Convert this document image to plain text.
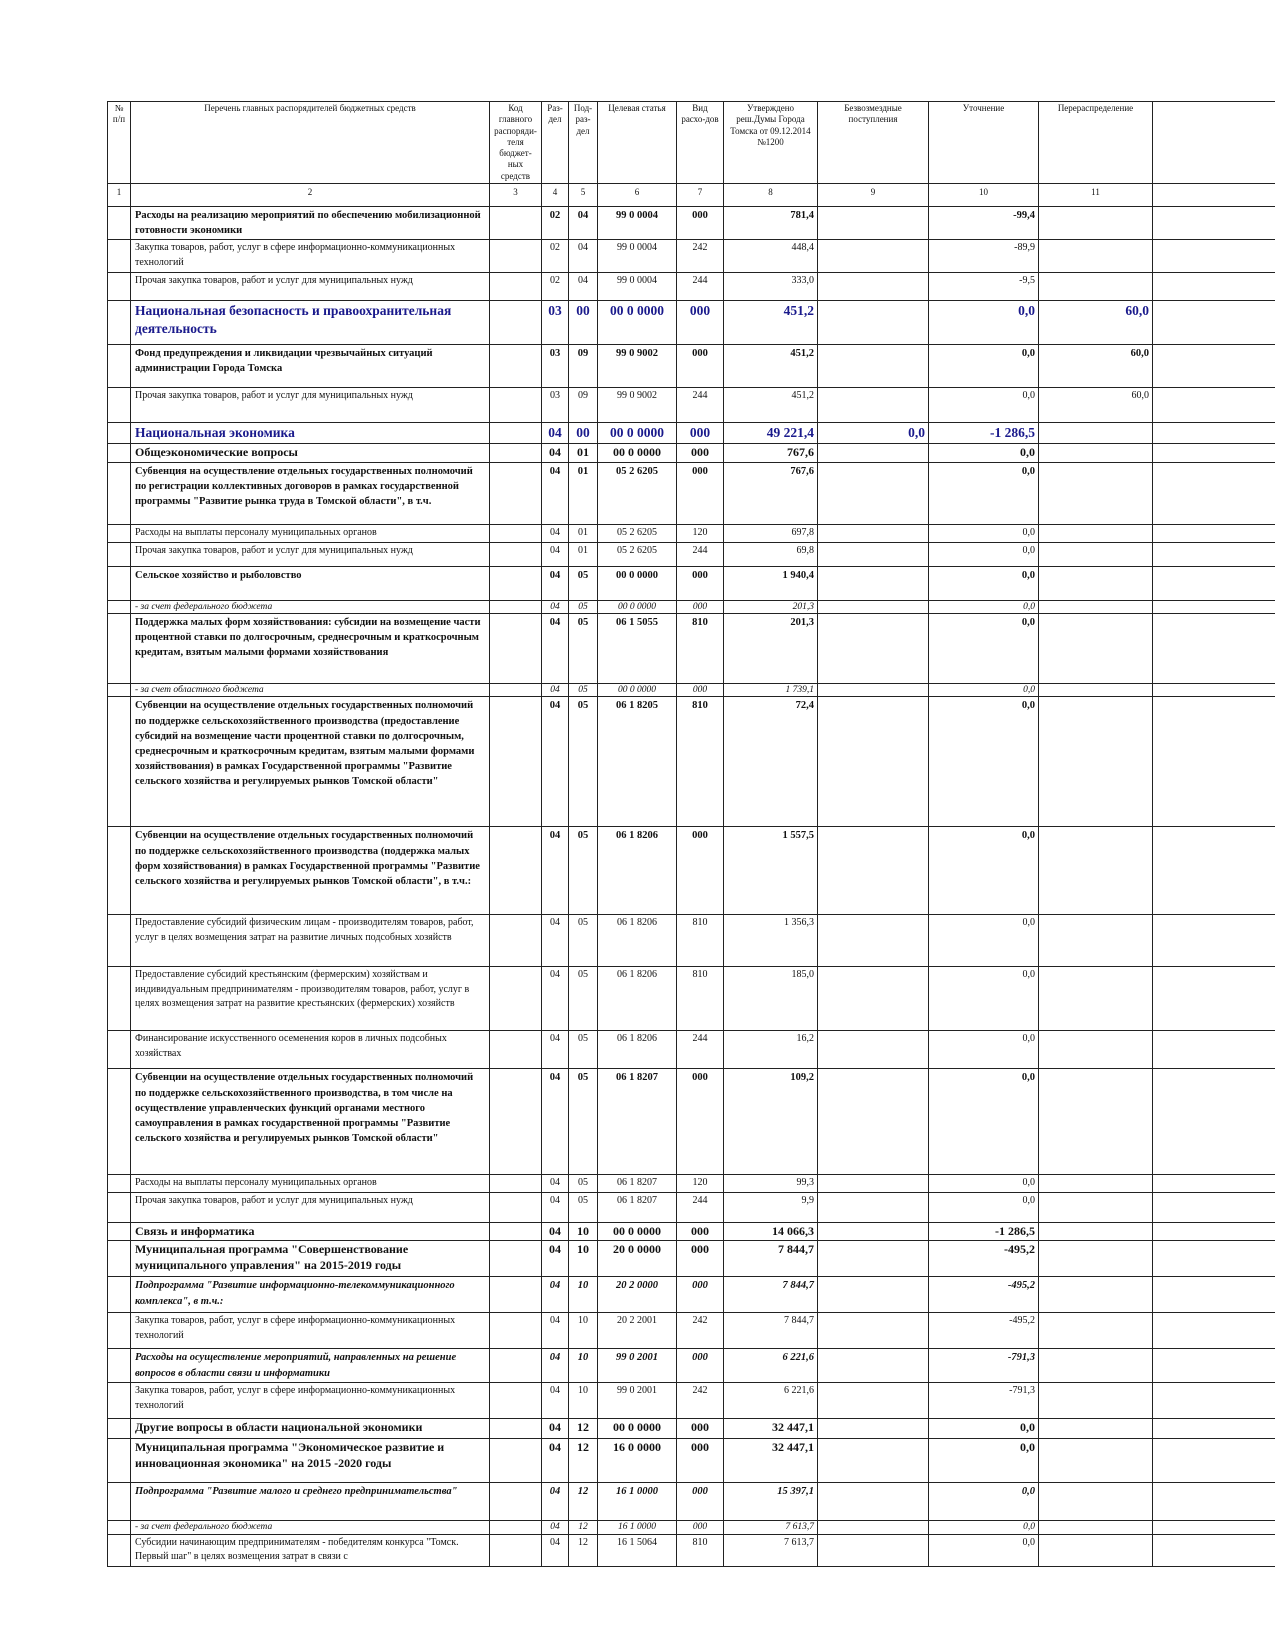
№ п/п	Перечень главных распорядителей бюджетных средств	Код главного распоряди-теля бюджет-ных средств	Раз-дел	Под-раз-дел	Целевая статья	Вид расхо-дов	Утверждено реш.Думы Города Томска от 09.12.2014 №1200	Безвозмездные поступления	Уточнение	Перераспределение	
1	2	3	4	5	6	7	8	9	10	11	
	Расходы на реализацию мероприятий по обеспечению мобилизационной готовности экономики		02	04	99 0 0004	000	781,4		-99,4		
	Закупка товаров, работ, услуг в сфере информационно-коммуникационных технологий		02	04	99 0 0004	242	448,4		-89,9		
	Прочая закупка товаров, работ и услуг для муниципальных нужд		02	04	99 0 0004	244	333,0		-9,5		
	Национальная безопасность и правоохранительная деятельность		03	00	00 0 0000	000	451,2		0,0	60,0	
	Фонд предупреждения и ликвидации чрезвычайных ситуаций администрации Города Томска		03	09	99 0 9002	000	451,2		0,0	60,0	
	Прочая закупка товаров, работ и услуг для муниципальных нужд		03	09	99 0 9002	244	451,2		0,0	60,0	
	Национальная экономика		04	00	00 0 0000	000	49 221,4	0,0	-1 286,5		
	Общеэкономические вопросы		04	01	00 0 0000	000	767,6		0,0		
	Субвенция на осуществление отдельных государственных полномочий по регистрации коллективных договоров в рамках государственной программы "Развитие рынка труда в Томской области", в т.ч.		04	01	05 2 6205	000	767,6		0,0		
	Расходы на выплаты персоналу муниципальных органов		04	01	05 2 6205	120	697,8		0,0		
	Прочая закупка товаров, работ и услуг для муниципальных нужд		04	01	05 2 6205	244	69,8		0,0		
	Сельское хозяйство и рыболовство		04	05	00 0 0000	000	1 940,4		0,0		
	- за счет федерального бюджета		04	05	00 0 0000	000	201,3		0,0		
	Поддержка малых форм хозяйствования: субсидии на возмещение части процентной ставки по долгосрочным, среднесрочным и краткосрочным кредитам, взятым малыми формами хозяйствования		04	05	06 1 5055	810	201,3		0,0		
	- за счет областного бюджета		04	05	00 0 0000	000	1 739,1		0,0		
	Субвенции на осуществление отдельных государственных полномочий по поддержке сельскохозяйственного производства (предоставление субсидий на возмещение части процентной ставки по долгосрочным, среднесрочным и краткосрочным кредитам, взятым малыми формами хозяйствования) в рамках Государственной программы "Развитие сельского хозяйства и регулируемых рынков Томской области"		04	05	06 1 8205	810	72,4		0,0		
	Субвенции на осуществление отдельных государственных полномочий по поддержке сельскохозяйственного производства (поддержка малых форм хозяйствования) в рамках Государственной программы "Развитие сельского хозяйства и регулируемых рынков Томской области", в т.ч.:		04	05	06 1 8206	000	1 557,5		0,0		
	Предоставление субсидий физическим лицам - производителям товаров, работ, услуг в целях возмещения затрат на развитие личных подсобных хозяйств		04	05	06 1 8206	810	1 356,3		0,0		
	Предоставление субсидий крестьянским (фермерским) хозяйствам и индивидуальным предпринимателям - производителям товаров, работ, услуг в целях возмещения затрат на развитие крестьянских (фермерских) хозяйств		04	05	06 1 8206	810	185,0		0,0		
	Финансирование искусственного осеменения коров в личных подсобных хозяйствах		04	05	06 1 8206	244	16,2		0,0		
	Субвенции на осуществление отдельных государственных полномочий по поддержке сельскохозяйственного производства, в том числе на осуществление управленческих функций органами местного самоуправления в рамках государственной программы "Развитие сельского хозяйства и регулируемых рынков Томской области"		04	05	06 1 8207	000	109,2		0,0		
	Расходы на выплаты персоналу муниципальных органов		04	05	06 1 8207	120	99,3		0,0		
	Прочая закупка товаров, работ и услуг для муниципальных нужд		04	05	06 1 8207	244	9,9		0,0		
	Связь и информатика		04	10	00 0 0000	000	14 066,3		-1 286,5		
	Муниципальная программа "Совершенствование муниципального управления" на 2015-2019 годы		04	10	20 0 0000	000	7 844,7		-495,2		
	Подпрограмма "Развитие информационно-телекоммуникационного комплекса", в т.ч.:		04	10	20 2 0000	000	7 844,7		-495,2		
	Закупка товаров, работ, услуг в сфере информационно-коммуникационных технологий		04	10	20 2 2001	242	7 844,7		-495,2		
	Расходы на осуществление мероприятий, направленных на решение вопросов в области связи и информатики		04	10	99 0 2001	000	6 221,6		-791,3		
	Закупка товаров, работ, услуг в сфере информационно-коммуникационных технологий		04	10	99 0 2001	242	6 221,6		-791,3		
	Другие вопросы в области национальной экономики		04	12	00 0 0000	000	32 447,1		0,0		
	Муниципальная программа "Экономическое развитие и инновационная экономика" на 2015 -2020 годы		04	12	16 0 0000	000	32 447,1		0,0		
	Подпрограмма "Развитие малого и среднего предпринимательства"		04	12	16 1 0000	000	15 397,1		0,0		
	- за счет федерального бюджета		04	12	16 1 0000	000	7 613,7		0,0		
	Субсидии начинающим предпринимателям - победителям конкурса "Томск. Первый шаг" в целях возмещения затрат в связи с		04	12	16 1 5064	810	7 613,7		0,0		
